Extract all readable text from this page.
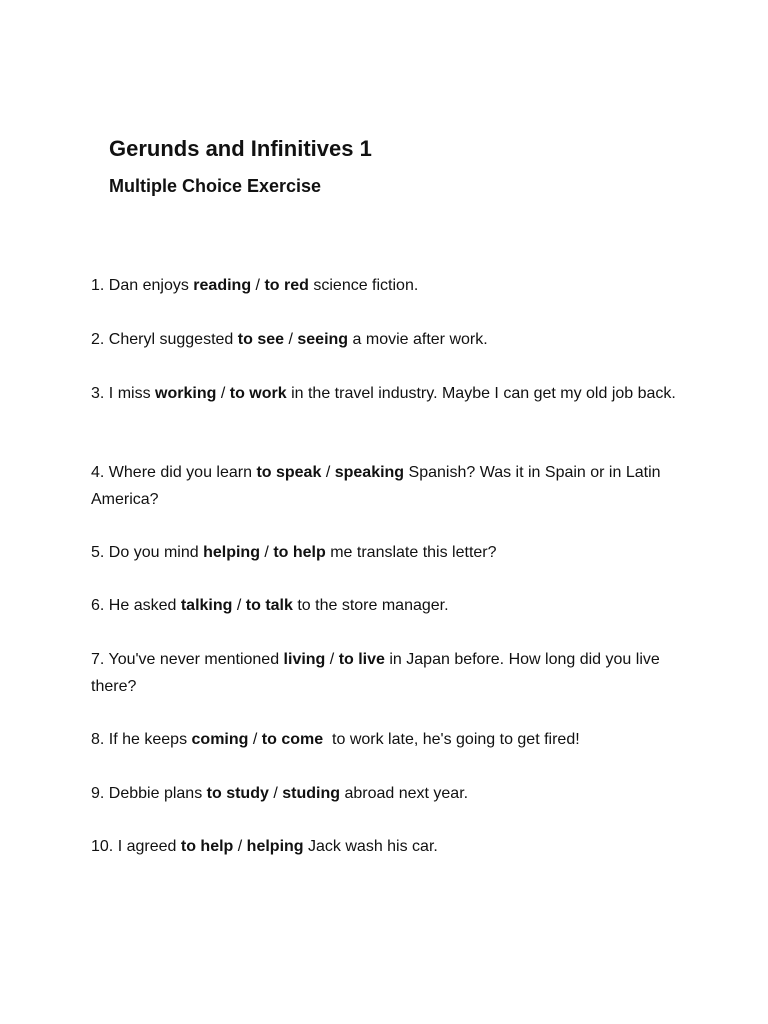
Gerunds and Infinitives 1
Multiple Choice Exercise

1. Dan enjoys reading / to red science fiction.

2. Cheryl suggested to see / seeing a movie after work.

3. I miss working / to work in the travel industry. Maybe I can get my old job back.

4. Where did you learn to speak / speaking Spanish? Was it in Spain or in Latin America?

5. Do you mind helping / to help me translate this letter?

6. He asked talking / to talk to the store manager.

7. You've never mentioned living / to live in Japan before. How long did you live there?

8. If he keeps coming / to come  to work late, he's going to get fired!

9. Debbie plans to study / studing abroad next year.

10. I agreed to help / helping Jack wash his car.
